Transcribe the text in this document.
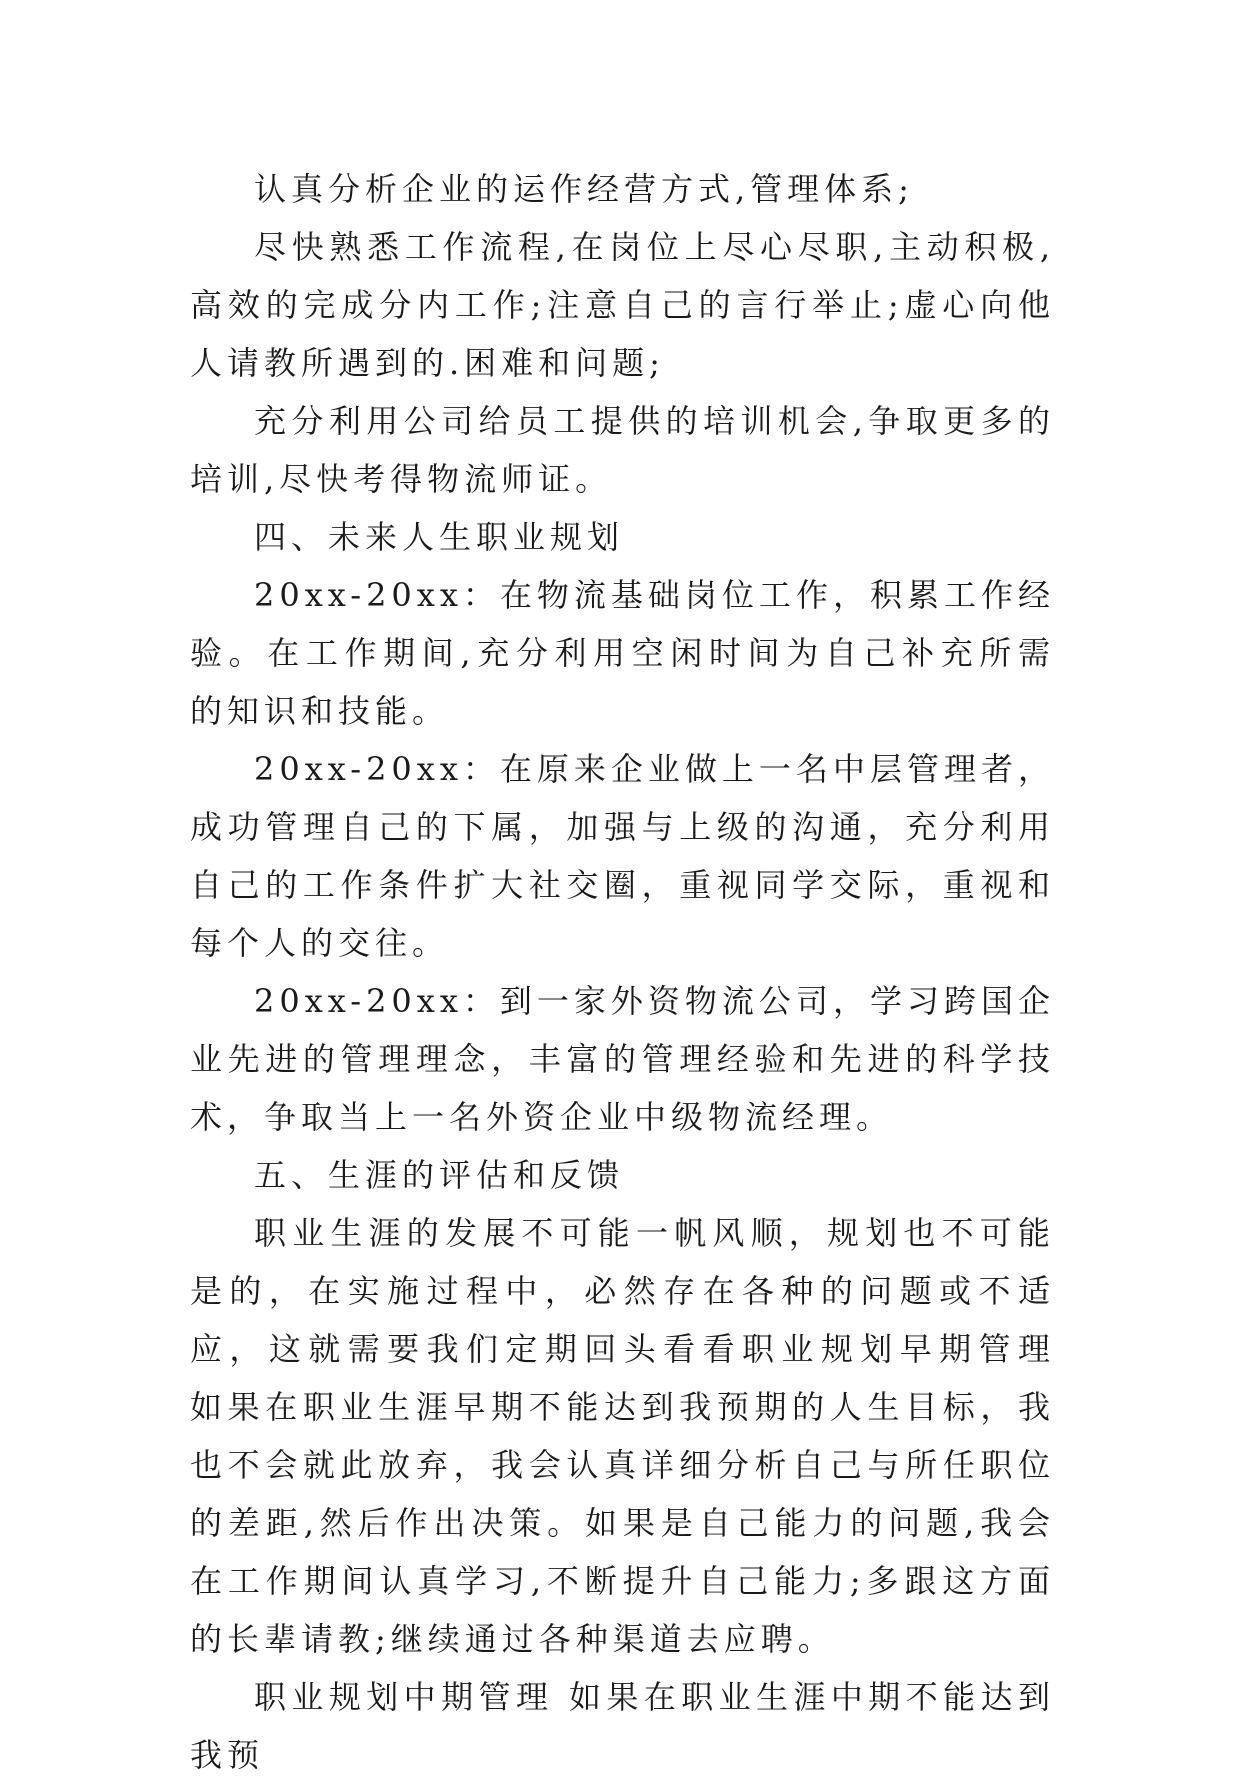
认真分析企业的运作经营方式,管理体系;

尽快熟悉工作流程,在岗位上尽心尽职,主动积极,高效的完成分内工作;注意自己的言行举止;虚心向他人请教所遇到的.困难和问题;

充分利用公司给员工提供的培训机会,争取更多的培训,尽快考得物流师证。

四、未来人生职业规划

20xx-20xx：在物流基础岗位工作，积累工作经验。在工作期间,充分利用空闲时间为自己补充所需的知识和技能。

20xx-20xx：在原来企业做上一名中层管理者，成功管理自己的下属，加强与上级的沟通，充分利用自己的工作条件扩大社交圈，重视同学交际，重视和每个人的交往。

20xx-20xx：到一家外资物流公司，学习跨国企业先进的管理理念，丰富的管理经验和先进的科学技术，争取当上一名外资企业中级物流经理。

五、生涯的评估和反馈

职业生涯的发展不可能一帆风顺，规划也不可能是的，在实施过程中，必然存在各种的问题或不适应，这就需要我们定期回头看看职业规划早期管理 如果在职业生涯早期不能达到我预期的人生目标，我也不会就此放弃，我会认真详细分析自己与所任职位的差距,然后作出决策。如果是自己能力的问题,我会在工作期间认真学习,不断提升自己能力;多跟这方面的长辈请教;继续通过各种渠道去应聘。

职业规划中期管理 如果在职业生涯中期不能达到我预
